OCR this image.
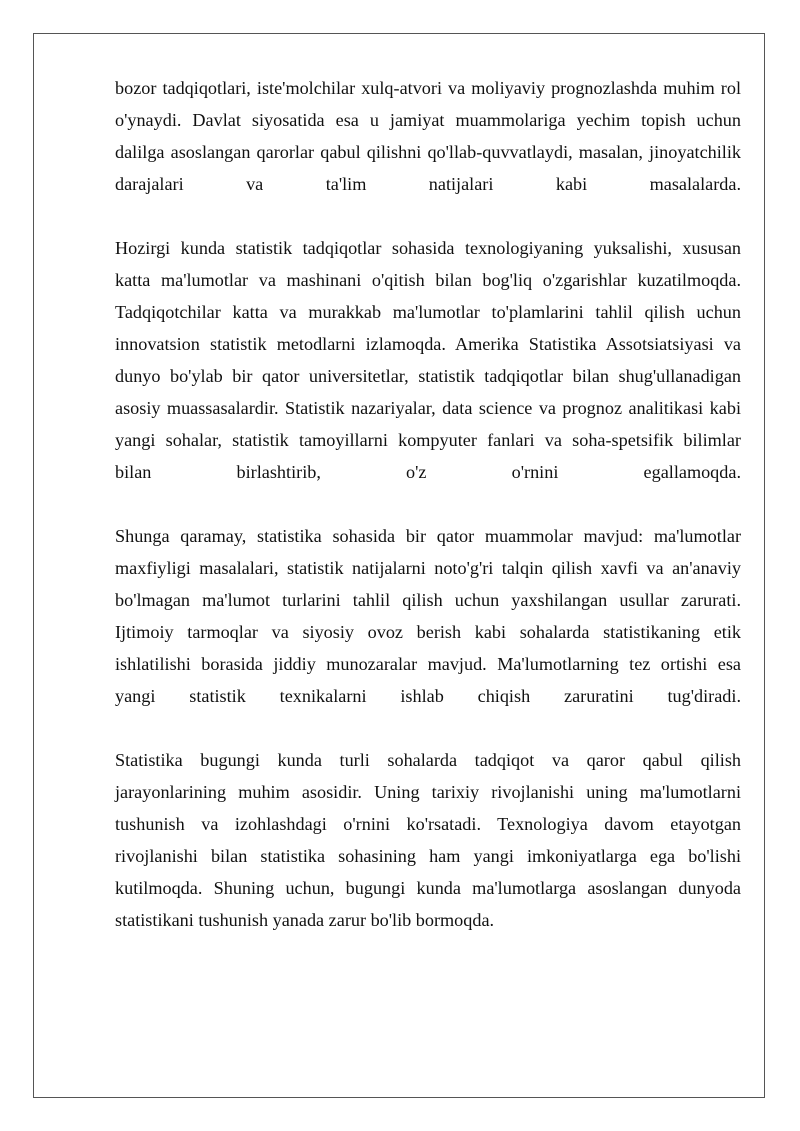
bozor tadqiqotlari, iste'molchilar xulq-atvori va moliyaviy prognozlashda muhim rol
o'ynaydi. Davlat siyosatida esa u jamiyat muammolariga yechim topish uchun
dalilga asoslangan qarorlar qabul qilishni qo'llab-quvvatlaydi, masalan, jinoyatchilik
darajalari va ta'lim natijalari kabi masalalarda.
Hozirgi kunda statistik tadqiqotlar sohasida texnologiyaning yuksalishi, xususan
katta ma'lumotlar va mashinani o'qitish bilan bog'liq o'zgarishlar kuzatilmoqda.
Tadqiqotchilar katta va murakkab ma'lumotlar to'plamlarini tahlil qilish uchun
innovatsion statistik metodlarni izlamoqda. Amerika Statistika Assotsiatsiyasi va
dunyo bo'ylab bir qator universitetlar, statistik tadqiqotlar bilan shug'ullanadigan
asosiy muassasalardir. Statistik nazariyalar, data science va prognoz analitikasi kabi
yangi sohalar, statistik tamoyillarni kompyuter fanlari va soha-spetsifik bilimlar
bilan birlashtirib, o'z o'rnini egallamoqda.
Shunga qaramay, statistika sohasida bir qator muammolar mavjud: ma'lumotlar
maxfiyligi masalalari, statistik natijalarni noto'g'ri talqin qilish xavfi va an'anaviy
bo'lmagan ma'lumot turlarini tahlil qilish uchun yaxshilangan usullar zarurati.
Ijtimoiy tarmoqlar va siyosiy ovoz berish kabi sohalarda statistikaning etik
ishlatilishi borasida jiddiy munozaralar mavjud. Ma'lumotlarning tez ortishi esa
yangi statistik texnikalarni ishlab chiqish zaruratini tug'diradi.
Statistika bugungi kunda turli sohalarda tadqiqot va qaror qabul qilish
jarayonlarining muhim asosidir. Uning tarixiy rivojlanishi uning ma'lumotlarni
tushunish va izohlashdagi o'rnini ko'rsatadi. Texnologiya davom etayotgan
rivojlanishi bilan statistika sohasining ham yangi imkoniyatlarga ega bo'lishi
kutilmoqda. Shuning uchun, bugungi kunda ma'lumotlarga asoslangan dunyoda
statistikani tushunish yanada zarur bo'lib bormoqda.
